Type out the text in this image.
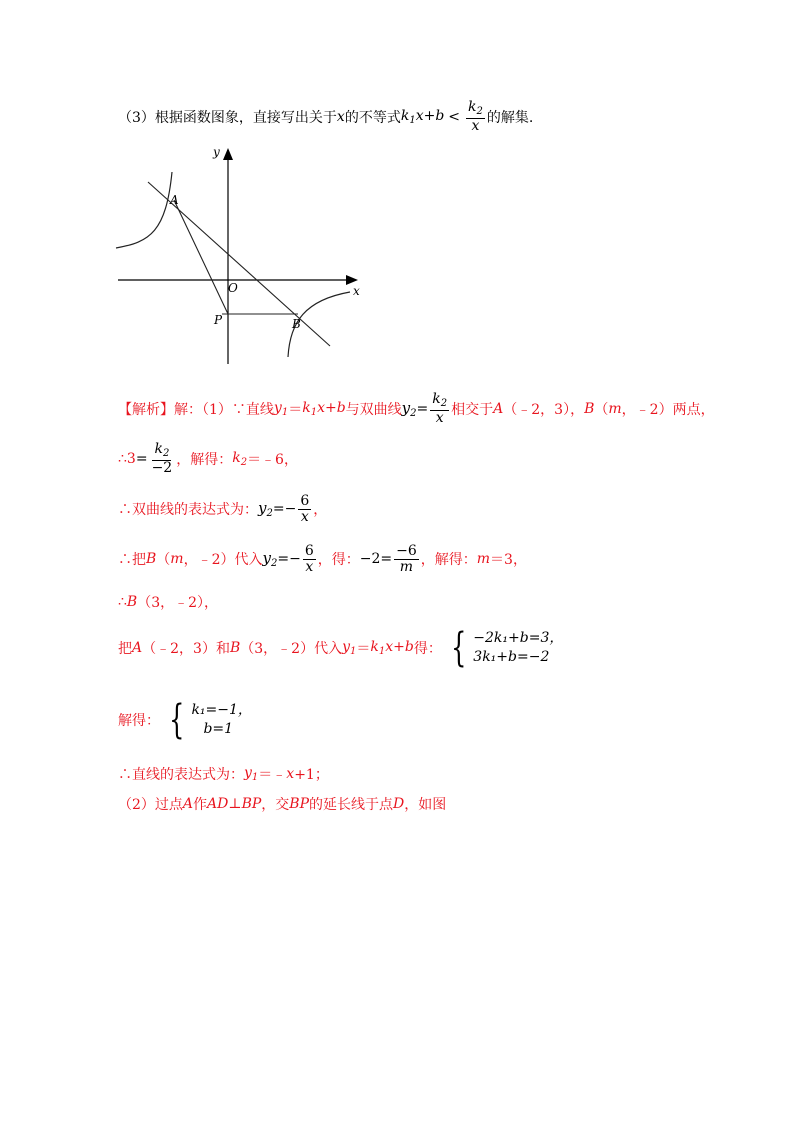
（3）根据函数图象，直接写出关于 x 的不等式 $k_1x+b < \frac{k_2}{x}$ 的解集.
x
y
O
A
B
P
【解析】 解：（1）∵直线 $y_1 = k_1x+b$ 与双曲线 $y_2 = \frac{k_2}{x}$ 相交于 A （﹣2，3）， B （ m ，﹣2）两点，
∴3 = $\frac{k_2}{-2}$ ，解得： $k_2$ ＝﹣6，
∴双曲线的表达式为： $y_2 =- \frac{6}{x}$ ，
∴把 B （ m ，﹣2）代入 $y_2 =- \frac{6}{x}$ ，得： $-2 = \frac{-6}{m}$ ，解得： m ＝3，
∴ B （3，﹣2），
把 A （﹣2，3）和 B （3，﹣2）代入 $y_1 = k_1x+b$ 得： { −2k₁+b=3，
3k₁+b=−2
解得： { k₁=−1，
b=1
∴直线的表达式为： $y_1$ ＝﹣ x +1；
（2）过点 A 作 AD ⊥ BP ，交 BP 的延长线于点 D ，如图
